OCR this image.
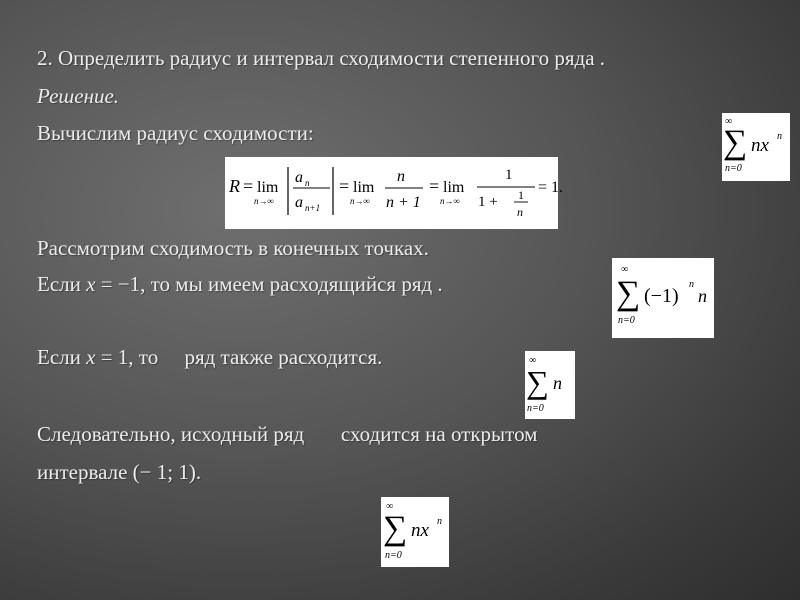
2. Определить радиус и интервал сходимости степенного ряда .
Решение.
Вычислим радиус сходимости:	∞
∑
n=0
nx n
R = lim
n→∞
a n
a n+1
= lim
n→∞
n
n + 1
= lim
n→∞
1
1 + 1
n
= 1.
Рассмотрим сходимость в конечных точках.
Если x = −1, то мы имеем расходящийся ряд .
∞
∑
n=0
(−1)
n
n
Если x = 1, то     ряд также расходится.	∞
∑
n=0
n
Следовательно, исходный ряд       сходится на открытом
интервале (− 1; 1).
∞
∑
n=0
nx n
